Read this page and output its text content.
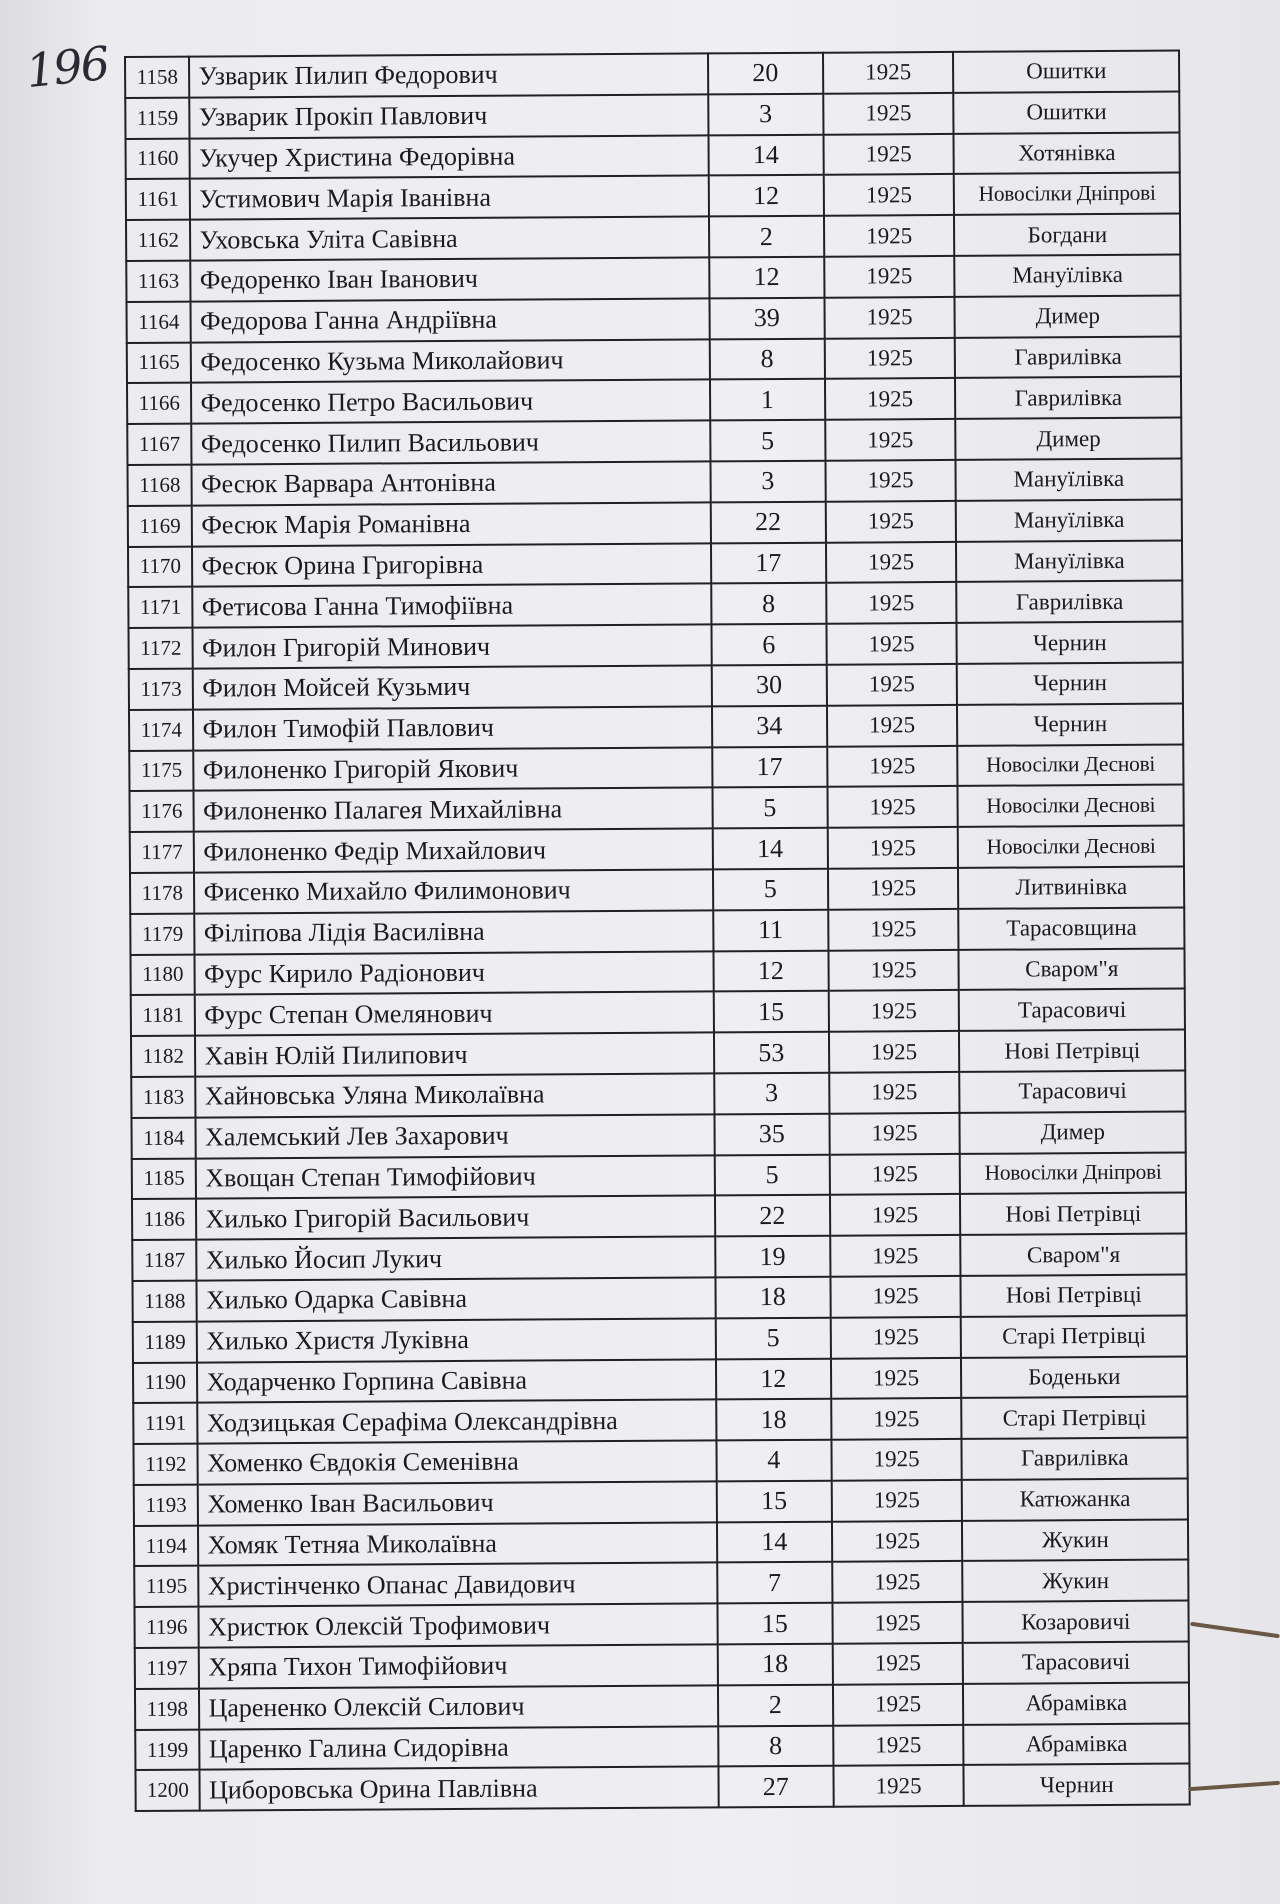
196 1158	Узварик Пилип Федорович	20	1925	Ошитки
1159	Узварик Прокіп Павлович	3	1925	Ошитки
1160	Укучер Христина Федорівна	14	1925	Хотянівка
1161	Устимович Марія Іванівна	12	1925	Новосілки Дніпрові
1162	Уховська Уліта Савівна	2	1925	Богдани
1163	Федоренко Іван Іванович	12	1925	Мануїлівка
1164	Федорова Ганна Андріївна	39	1925	Димер
1165	Федосенко Кузьма Миколайович	8	1925	Гаврилівка
1166	Федосенко Петро Васильович	1	1925	Гаврилівка
1167	Федосенко Пилип Васильович	5	1925	Димер
1168	Фесюк Варвара Антонівна	3	1925	Мануїлівка
1169	Фесюк Марія Романівна	22	1925	Мануїлівка
1170	Фесюк Орина Григорівна	17	1925	Мануїлівка
1171	Фетисова Ганна Тимофіївна	8	1925	Гаврилівка
1172	Филон Григорій Минович	6	1925	Чернин
1173	Филон Мойсей Кузьмич	30	1925	Чернин
1174	Филон Тимофій Павлович	34	1925	Чернин
1175	Филоненко Григорій Якович	17	1925	Новосілки Деснові
1176	Филоненко Палагея Михайлівна	5	1925	Новосілки Деснові
1177	Филоненко Федір Михайлович	14	1925	Новосілки Деснові
1178	Фисенко Михайло Филимонович	5	1925	Литвинівка
1179	Філіпова Лідія Василівна	11	1925	Тарасовщина
1180	Фурс Кирило Радіонович	12	1925	Сваром"я
1181	Фурс Степан Омелянович	15	1925	Тарасовичі
1182	Хавін Юлій Пилипович	53	1925	Нові Петрівці
1183	Хайновська Уляна Миколаївна	3	1925	Тарасовичі
1184	Халемський Лев Захарович	35	1925	Димер
1185	Хвощан Степан Тимофійович	5	1925	Новосілки Дніпрові
1186	Хилько Григорій Васильович	22	1925	Нові Петрівці
1187	Хилько Йосип Лукич	19	1925	Сваром"я
1188	Хилько Одарка Савівна	18	1925	Нові Петрівці
1189	Хилько Христя Луківна	5	1925	Старі Петрівці
1190	Ходарченко Горпина Савівна	12	1925	Боденьки
1191	Ходзицькая Серафіма Олександрівна	18	1925	Старі Петрівці
1192	Хоменко Євдокія Семенівна	4	1925	Гаврилівка
1193	Хоменко Іван Васильович	15	1925	Катюжанка
1194	Хомяк Тетняа Миколаївна	14	1925	Жукин
1195	Христінченко Опанас Давидович	7	1925	Жукин
1196	Христюк Олексій Трофимович	15	1925	Козаровичі
1197	Хряпа Тихон Тимофійович	18	1925	Тарасовичі
1198	Царененко Олексій Силович	2	1925	Абрамівка
1199	Царенко Галина Сидорівна	8	1925	Абрамівка
1200	Циборовська Орина Павлівна	27	1925	Чернин
